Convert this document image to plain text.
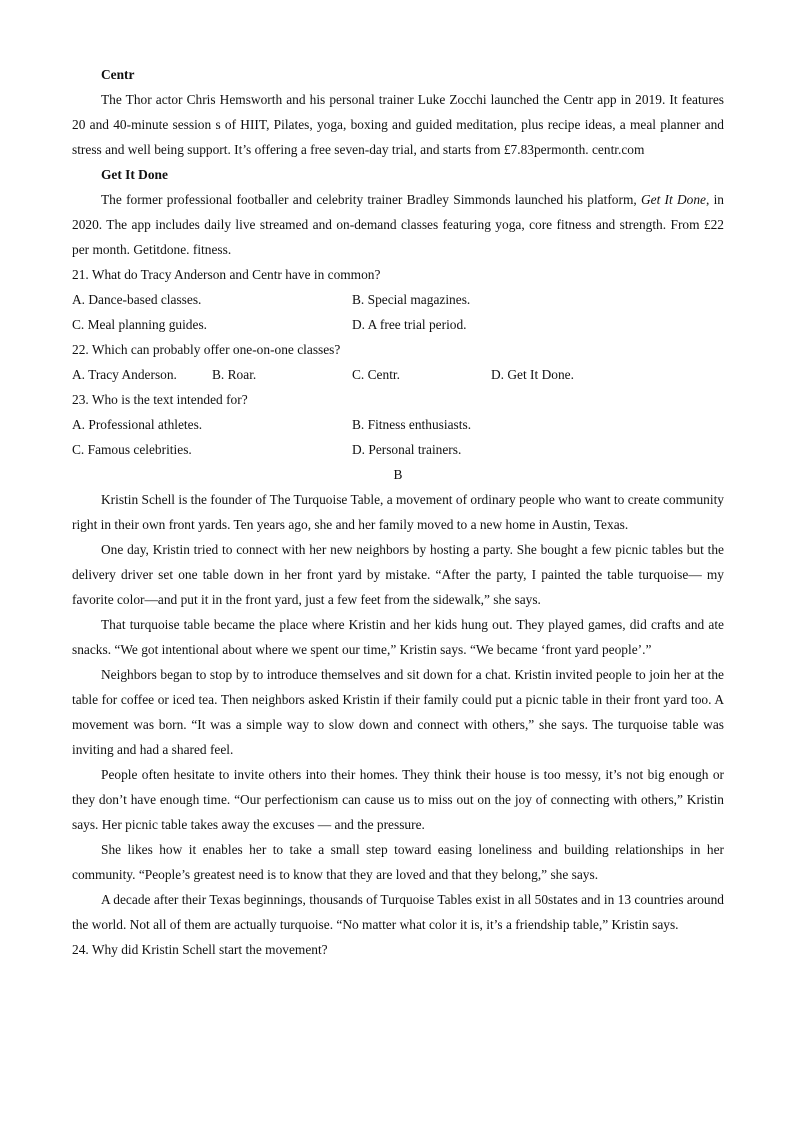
Centr

The Thor actor Chris Hemsworth and his personal trainer Luke Zocchi launched the Centr app in 2019. It features 20 and 40-minute session s of HIIT, Pilates, yoga, boxing and guided meditation, plus recipe ideas, a meal planner and stress and well being support. It’s offering a free seven-day trial, and starts from £7.83permonth. centr.com

Get It Done

The former professional footballer and celebrity trainer Bradley Simmonds launched his platform, Get It Done, in 2020. The app includes daily live streamed and on-demand classes featuring yoga, core fitness and strength. From £22 per month. Getitdone. fitness.

21. What do Tracy Anderson and Centr have in common?

A. Dance-based classes.	B. Special magazines.
C. Meal planning guides.	D. A free trial period.

22. Which can probably offer one-on-one classes?

A. Tracy Anderson.	B. Roar.	C. Centr.	D. Get It Done.

23. Who is the text intended for?

A. Professional athletes.	B. Fitness enthusiasts.
C. Famous celebrities.	D. Personal trainers.

B

Kristin Schell is the founder of The Turquoise Table, a movement of ordinary people who want to create community right in their own front yards. Ten years ago, she and her family moved to a new home in Austin, Texas.

One day, Kristin tried to connect with her new neighbors by hosting a party. She bought a few picnic tables but the delivery driver set one table down in her front yard by mistake. “After the party, I painted the table turquoise— my favorite color—and put it in the front yard, just a few feet from the sidewalk,” she says.

That turquoise table became the place where Kristin and her kids hung out. They played games, did crafts and ate snacks. “We got intentional about where we spent our time,” Kristin says. “We became ‘front yard people’.”

Neighbors began to stop by to introduce themselves and sit down for a chat. Kristin invited people to join her at the table for coffee or iced tea. Then neighbors asked Kristin if their family could put a picnic table in their front yard too. A movement was born. “It was a simple way to slow down and connect with others,” she says. The turquoise table was inviting and had a shared feel.

People often hesitate to invite others into their homes. They think their house is too messy, it’s not big enough or they don’t have enough time. “Our perfectionism can cause us to miss out on the joy of connecting with others,” Kristin says. Her picnic table takes away the excuses — and the pressure.

She likes how it enables her to take a small step toward easing loneliness and building relationships in her community. “People’s greatest need is to know that they are loved and that they belong,” she says.

A decade after their Texas beginnings, thousands of Turquoise Tables exist in all 50states and in 13 countries around the world. Not all of them are actually turquoise. “No matter what color it is, it’s a friendship table,” Kristin says.

24. Why did Kristin Schell start the movement?
